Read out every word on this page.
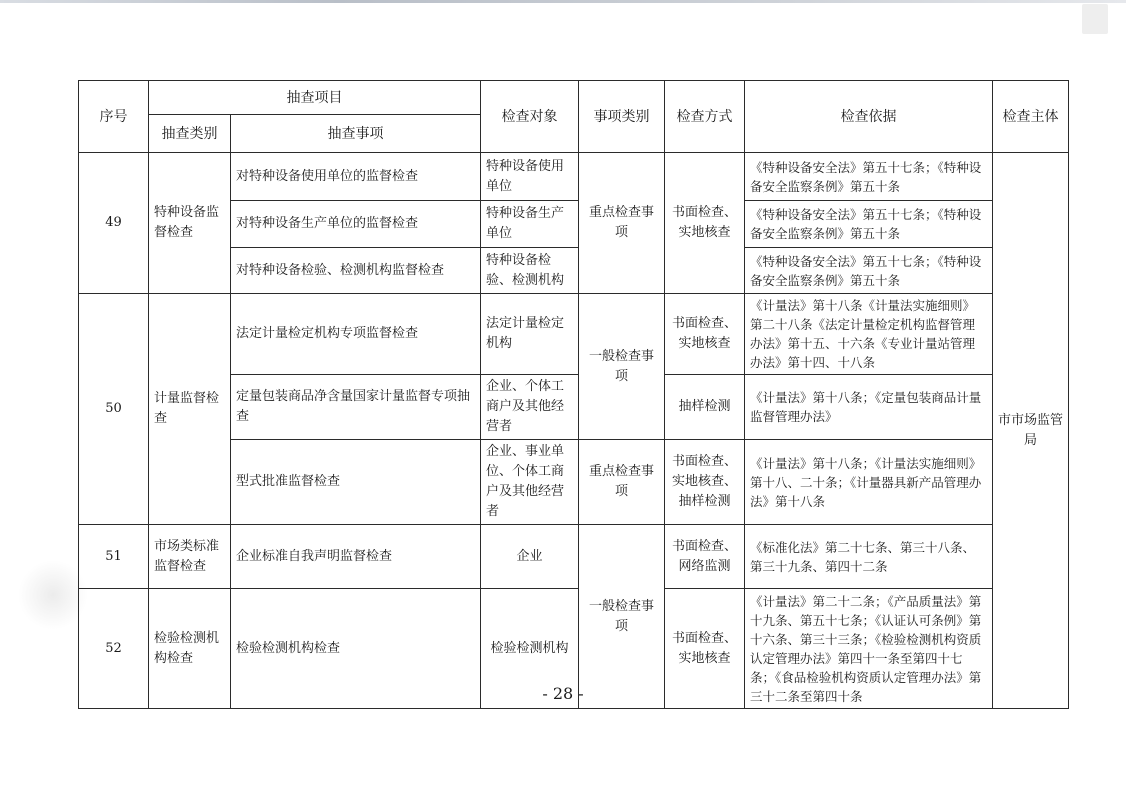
序号	抽查项目		检查对象	事项类别	检查方式	检查依据	检查主体
	抽查类别	抽查事项					
49	特种设备监督检查	对特种设备使用单位的监督检查	特种设备使用单位	重点检查事项	书面检查、实地核查	《特种设备安全法》第五十七条；《特种设备安全监察条例》第五十条	市市场监管局
		对特种设备生产单位的监督检查	特种设备生产单位			《特种设备安全法》第五十七条；《特种设备安全监察条例》第五十条	
		对特种设备检验、检测机构监督检查	特种设备检验、检测机构			《特种设备安全法》第五十七条；《特种设备安全监察条例》第五十条	
50	计量监督检查	法定计量检定机构专项监督检查	法定计量检定机构	一般检查事项	书面检查、实地核查	《计量法》第十八条《计量法实施细则》第二十八条《法定计量检定机构监督管理办法》第十五、十六条《专业计量站管理办法》第十四、十八条	
		定量包装商品净含量国家计量监督专项抽查	企业、个体工商户及其他经营者		抽样检测	《计量法》第十八条；《定量包装商品计量监督管理办法》	
		型式批准监督检查	企业、事业单位、个体工商户及其他经营者	重点检查事项	书面检查、实地核查、抽样检测	《计量法》第十八条；《计量法实施细则》第十八、二十条；《计量器具新产品管理办法》第十八条	
51	市场类标准监督检查	企业标准自我声明监督检查	企业	一般检查事项	书面检查、网络监测	《标准化法》第二十七条、第三十八条、第三十九条、第四十二条	
52	检验检测机构检查	检验检测机构检查	检验检测机构		书面检查、实地核查	《计量法》第二十二条；《产品质量法》第十九条、第五十七条；《认证认可条例》第十六条、第三十三条；《检验检测机构资质认定管理办法》第四十一条至第四十七条；《食品检验机构资质认定管理办法》第三十二条至第四十条	
- 28 -
